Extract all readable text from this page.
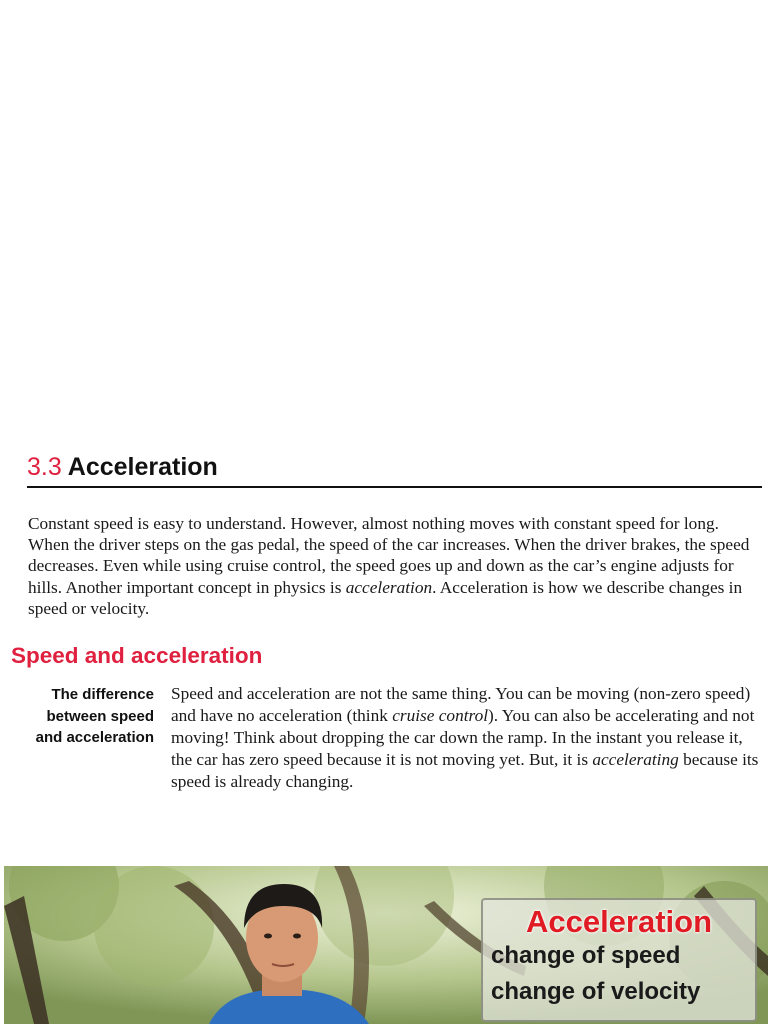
3.3 Acceleration

Constant speed is easy to understand. However, almost nothing moves with constant speed for long. When the driver steps on the gas pedal, the speed of the car increases. When the driver brakes, the speed decreases. Even while using cruise control, the speed goes up and down as the car’s engine adjusts for hills. Another important concept in physics is acceleration. Acceleration is how we describe changes in speed or velocity.

Speed and acceleration
The difference
between speed
and acceleration

Speed and acceleration are not the same thing. You can be moving (non-zero speed) and have no acceleration (think cruise control). You can also be accelerating and not moving! Think about dropping the car down the ramp. In the instant you release it, the car has zero speed because it is not moving yet. But, it is accelerating because its speed is already changing.

Acceleration
change of speed
change of velocity
